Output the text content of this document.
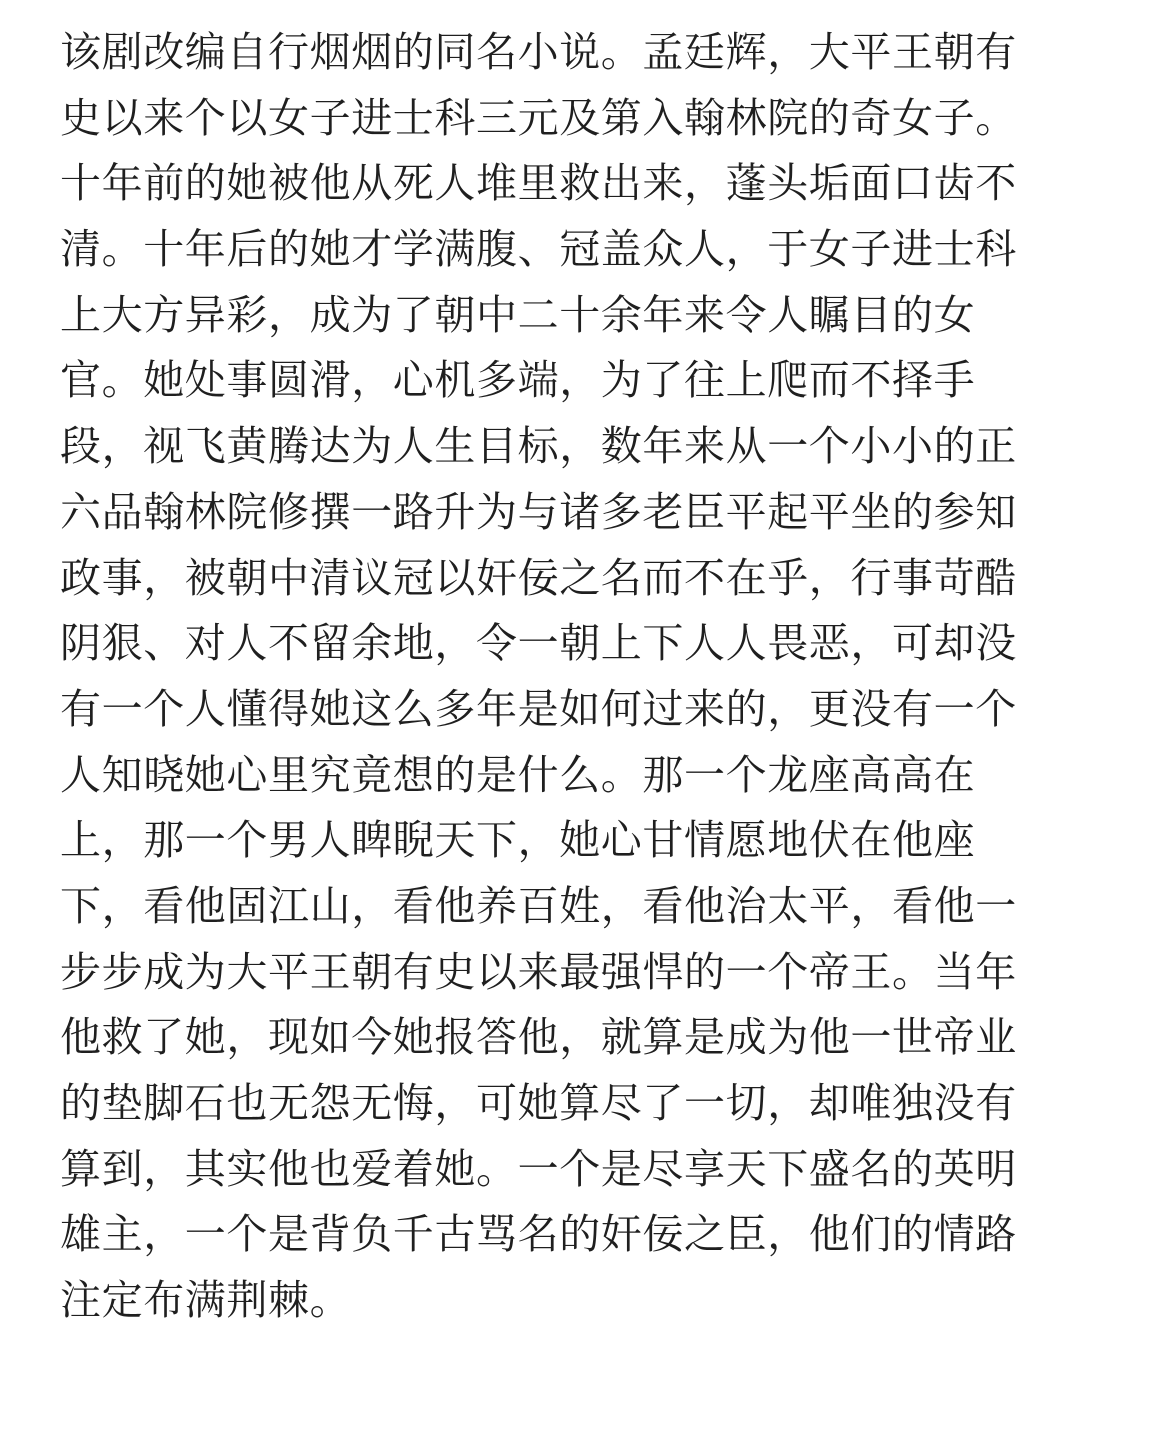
该剧改编自行烟烟的同名小说。孟廷辉，大平王朝有
史以来个以女子进士科三元及第入翰林院的奇女子。
十年前的她被他从死人堆里救出来，蓬头垢面口齿不
清。十年后的她才学满腹、冠盖众人，于女子进士科
上大方异彩，成为了朝中二十余年来令人瞩目的女
官。她处事圆滑，心机多端，为了往上爬而不择手
段，视飞黄腾达为人生目标，数年来从一个小小的正
六品翰林院修撰一路升为与诸多老臣平起平坐的参知
政事，被朝中清议冠以奸佞之名而不在乎，行事苛酷
阴狠、对人不留余地，令一朝上下人人畏恶，可却没
有一个人懂得她这么多年是如何过来的，更没有一个
人知晓她心里究竟想的是什么。那一个龙座高高在
上，那一个男人睥睨天下，她心甘情愿地伏在他座
下，看他固江山，看他养百姓，看他治太平，看他一
步步成为大平王朝有史以来最强悍的一个帝王。当年
他救了她，现如今她报答他，就算是成为他一世帝业
的垫脚石也无怨无悔，可她算尽了一切，却唯独没有
算到，其实他也爱着她。一个是尽享天下盛名的英明
雄主，一个是背负千古骂名的奸佞之臣，他们的情路
注定布满荆棘。
